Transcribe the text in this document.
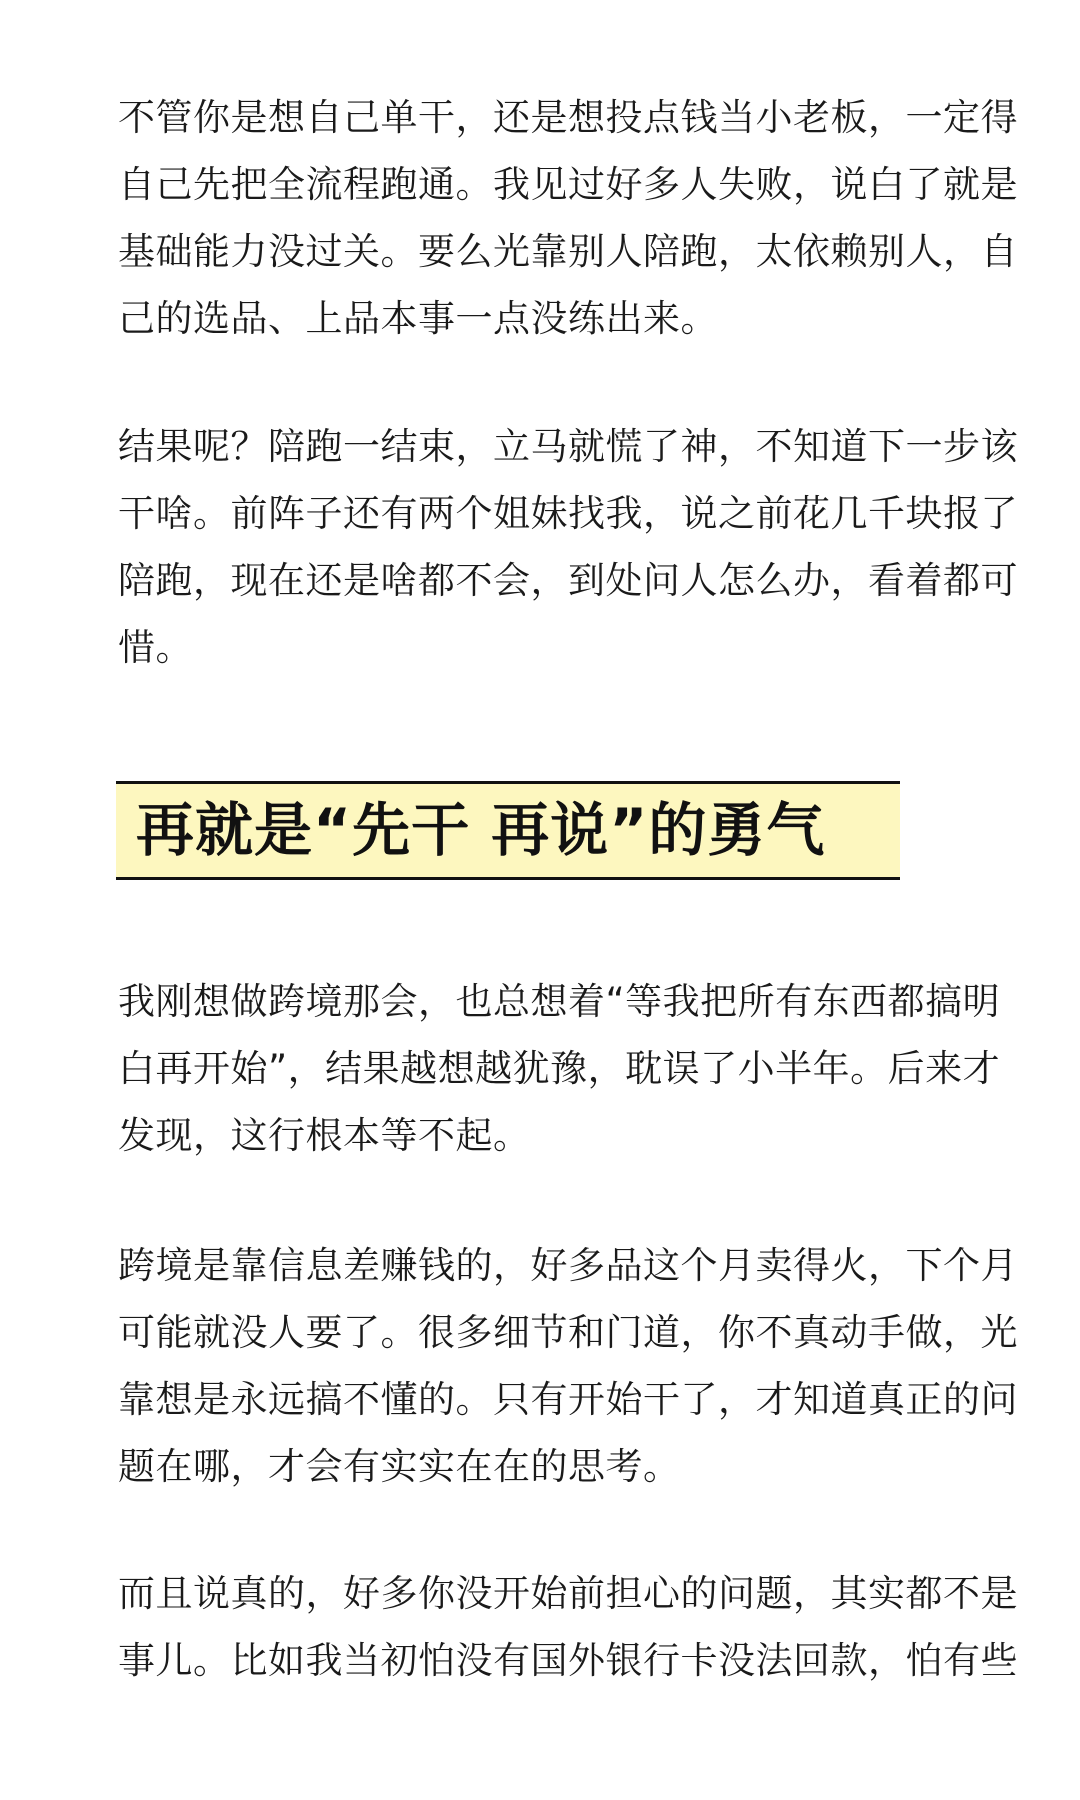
不管你是想自己单干，还是想投点钱当小老板，一定得自己先把全流程跑通。我见过好多人失败，说白了就是基础能力没过关。要么光靠别人陪跑，太依赖别人，自己的选品、上品本事一点没练出来。

结果呢？陪跑一结束，立马就慌了神，不知道下一步该干啥。前阵子还有两个姐妹找我，说之前花几千块报了陪跑，现在还是啥都不会，到处问人怎么办，看着都可惜。

再就是“先干 再说”的勇气

我刚想做跨境那会，也总想着“等我把所有东西都搞明白再开始”，结果越想越犹豫，耽误了小半年。后来才发现，这行根本等不起。

跨境是靠信息差赚钱的，好多品这个月卖得火，下个月可能就没人要了。很多细节和门道，你不真动手做，光靠想是永远搞不懂的。只有开始干了，才知道真正的问题在哪，才会有实实在在的思考。

而且说真的，好多你没开始前担心的问题，其实都不是事儿。比如我当初怕没有国外银行卡没法回款，怕有些
